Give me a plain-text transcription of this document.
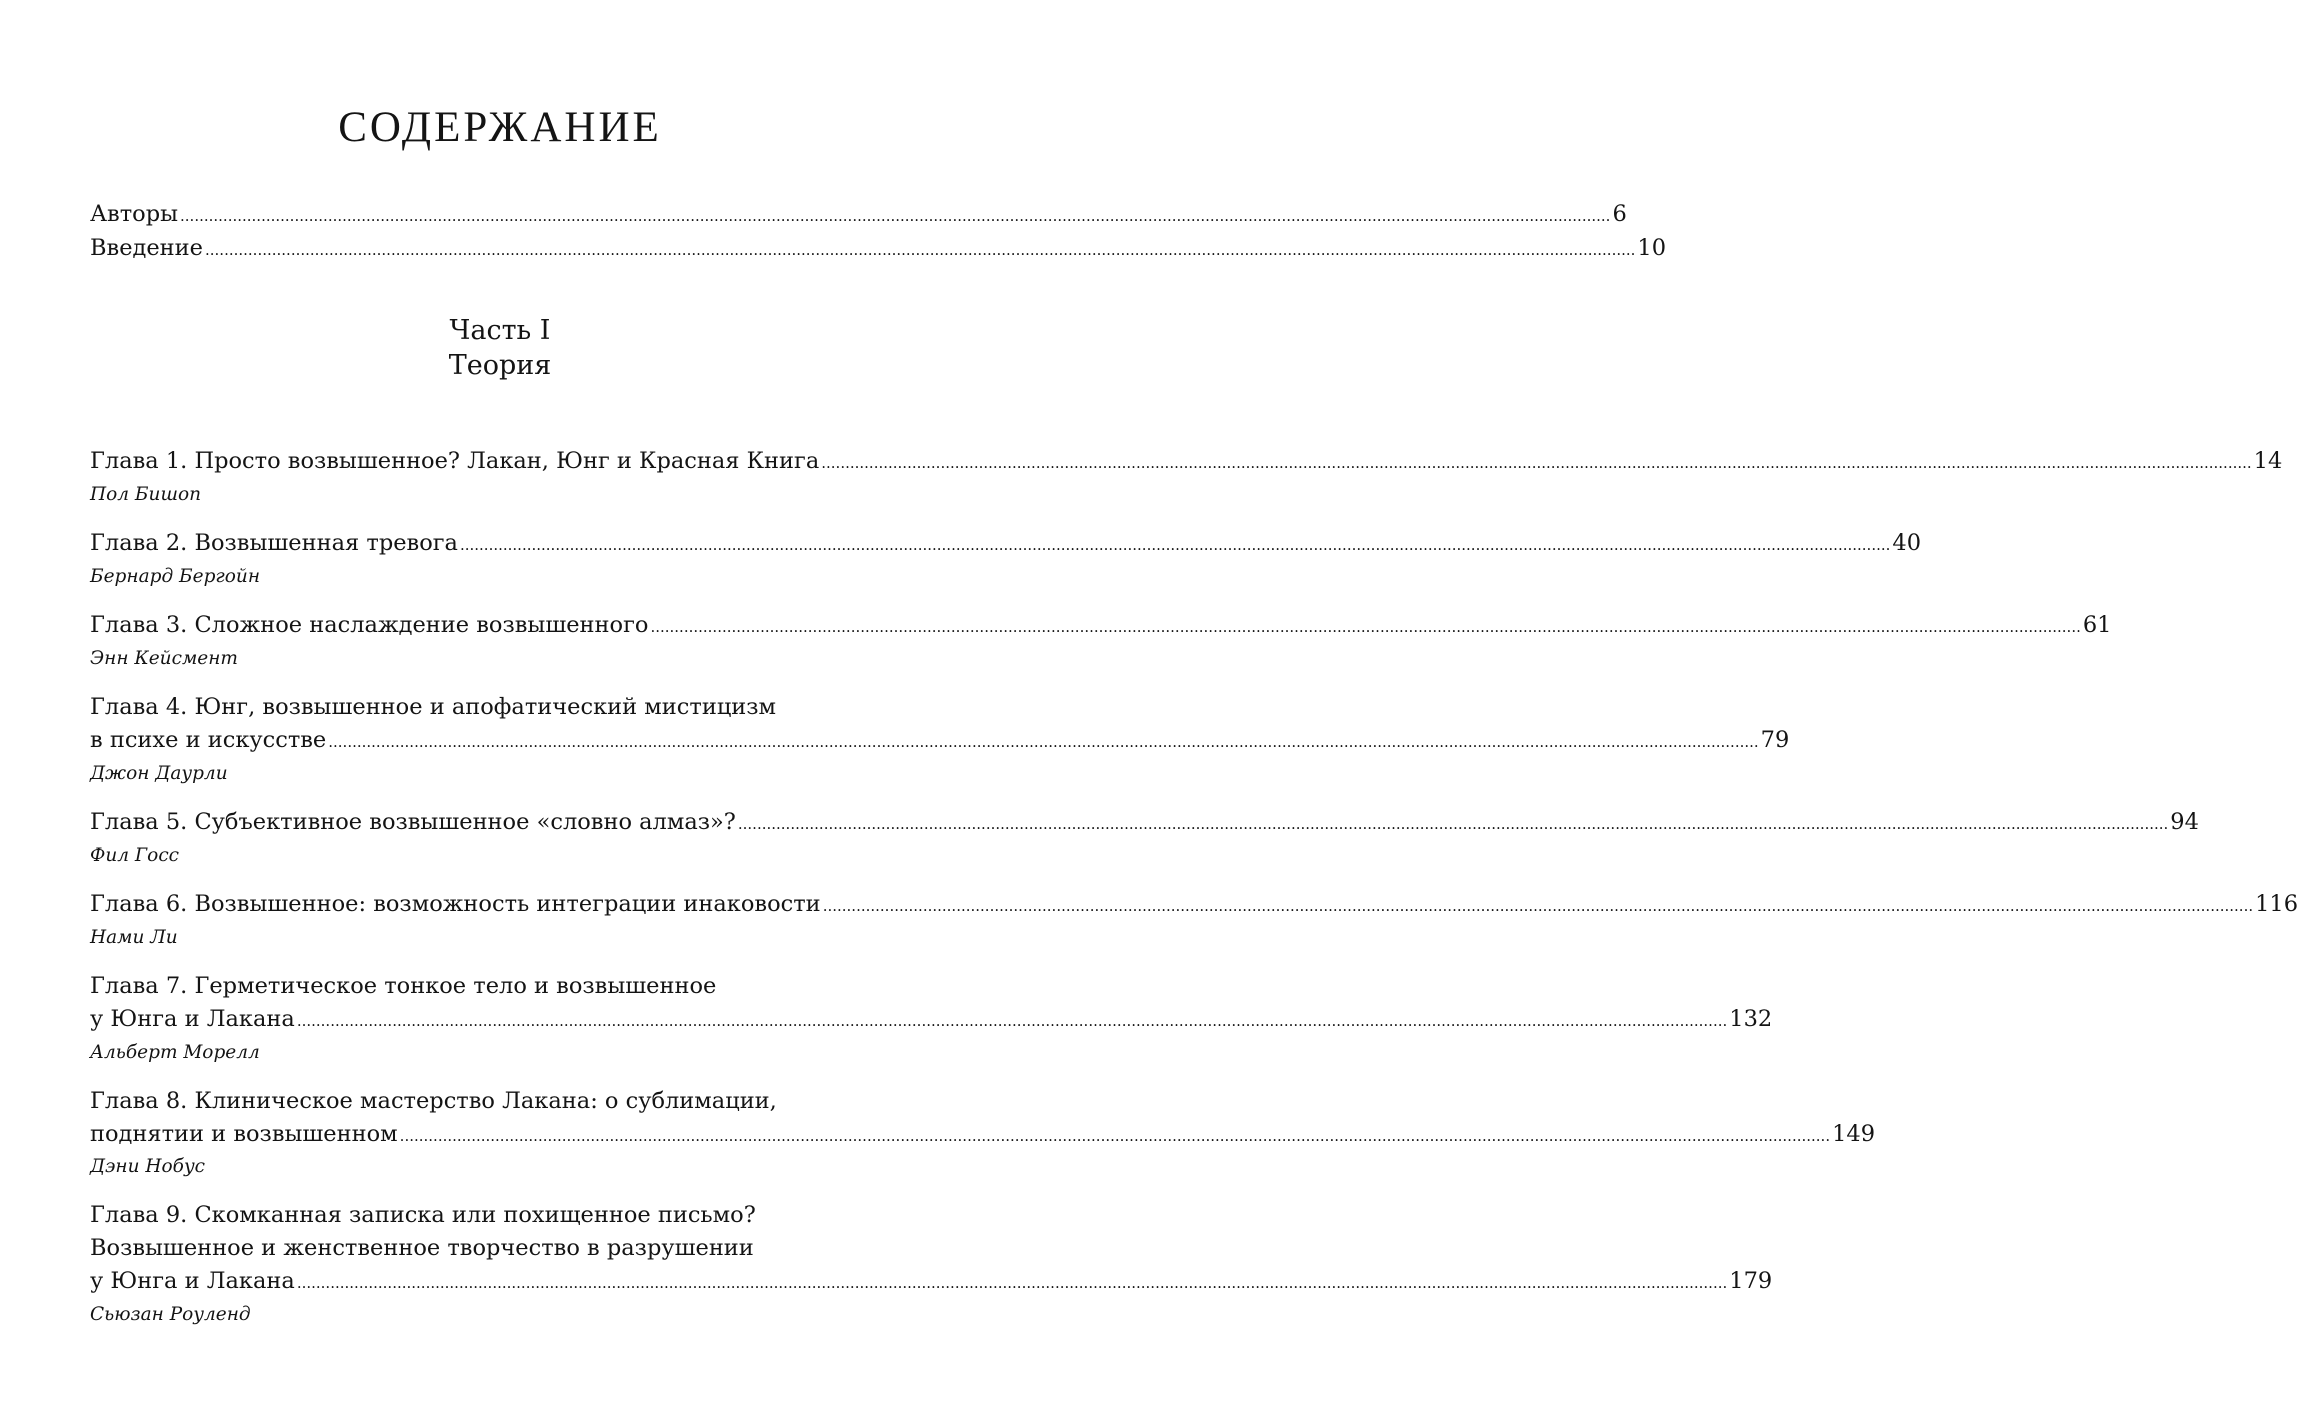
СОДЕРЖАНИЕ
Авторы ............................................................................................................................................................................................................................................................................................................ 6
Введение ............................................................................................................................................................................................................................................................................................................ 10
Часть I
Теория
Глава 1. Просто возвышенное? Лакан, Юнг и Красная Книга ............................................................................................................................................................................................................................................................................................................ 14
Пол Бишоп
Глава 2. Возвышенная тревога ............................................................................................................................................................................................................................................................................................................ 40
Бернард Бергойн
Глава 3. Сложное наслаждение возвышенного ............................................................................................................................................................................................................................................................................................................ 61
Энн Кейсмент
Глава 4. Юнг, возвышенное и апофатический мистицизм
в психе и искусстве ............................................................................................................................................................................................................................................................................................................ 79
Джон Даурли
Глава 5. Субъективное возвышенное «словно алмаз»? ............................................................................................................................................................................................................................................................................................................ 94
Фил Госс
Глава 6. Возвышенное: возможность интеграции инаковости ............................................................................................................................................................................................................................................................................................................ 116
Нами Ли
Глава 7. Герметическое тонкое тело и возвышенное
у Юнга и Лакана ............................................................................................................................................................................................................................................................................................................ 132
Альберт Морелл
Глава 8. Клиническое мастерство Лакана: о сублимации,
поднятии и возвышенном ............................................................................................................................................................................................................................................................................................................ 149
Дэни Нобус
Глава 9. Скомканная записка или похищенное письмо?
Возвышенное и женственное творчество в разрушении
у Юнга и Лакана ............................................................................................................................................................................................................................................................................................................ 179
Сьюзан Роуленд
